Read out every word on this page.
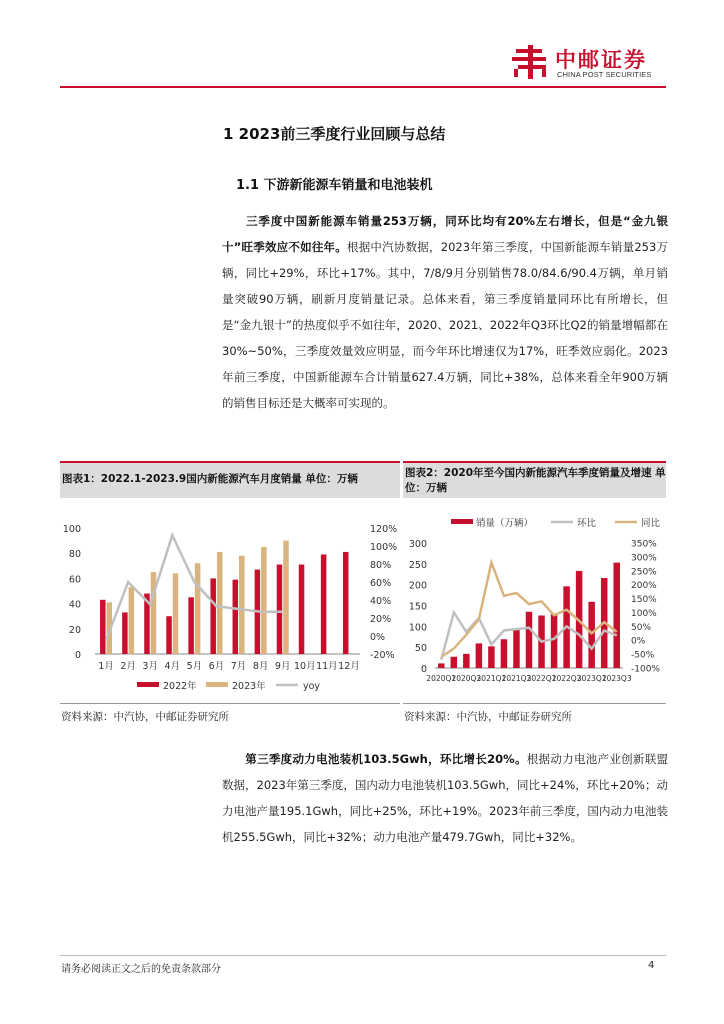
中邮证券
CHINA POST SECURITIES
1 2023前三季度行业回顾与总结
1.1 下游新能源车销量和电池装机
三季度中国新能源车销量253万辆，同环比均有20%左右增长，但是“金九银十”旺季效应不如往年。根据中汽协数据，2023年第三季度，中国新能源车销量253万辆，同比+29%，环比+17%。其中，7/8/9月分别销售78.0/84.6/90.4万辆，单月销量突破90万辆，刷新月度销量记录。总体来看，第三季度销量同环比有所增长，但是“金九银十”的热度似乎不如往年，2020、2021、2022年Q3环比Q2的销量增幅都在30%~50%，三季度效量效应明显，而今年环比增速仅为17%，旺季效应弱化。2023年前三季度，中国新能源车合计销量627.4万辆，同比+38%，总体来看全年900万辆的销售目标还是大概率可实现的。
图表1：2022.1-2023.9国内新能源汽车月度销量 单位：万辆	图表2：2020年至今国内新能源汽车季度销量及增速 单
位：万辆
0
20
40
60
80
100
-20%
0%
20%
40%
60%
80%
100%
120%
1月 2月 3月 4月 5月 6月 7月 8月 9月 10月 11月 12月
2022年	2023年	yoy
0
50
100
150
200
250
300
-100%
-50%
0%
50%
100%
150%
200%
250%
300%
350%
2020Q1
2020Q3
2021Q1
2021Q3
2022Q1
2022Q3
2023Q1
2023Q3
销量（万辆）	环比	同比
资料来源：中汽协，中邮证券研究所	资料来源：中汽协，中邮证券研究所
第三季度动力电池装机103.5Gwh，环比增长20%。根据动力电池产业创新联盟数据，2023年第三季度，国内动力电池装机103.5Gwh，同比+24%，环比+20%；动力电池产量195.1Gwh，同比+25%，环比+19%。2023年前三季度，国内动力电池装机255.5Gwh，同比+32%；动力电池产量479.7Gwh，同比+32%。
请务必阅读正文之后的免责条款部分	4
